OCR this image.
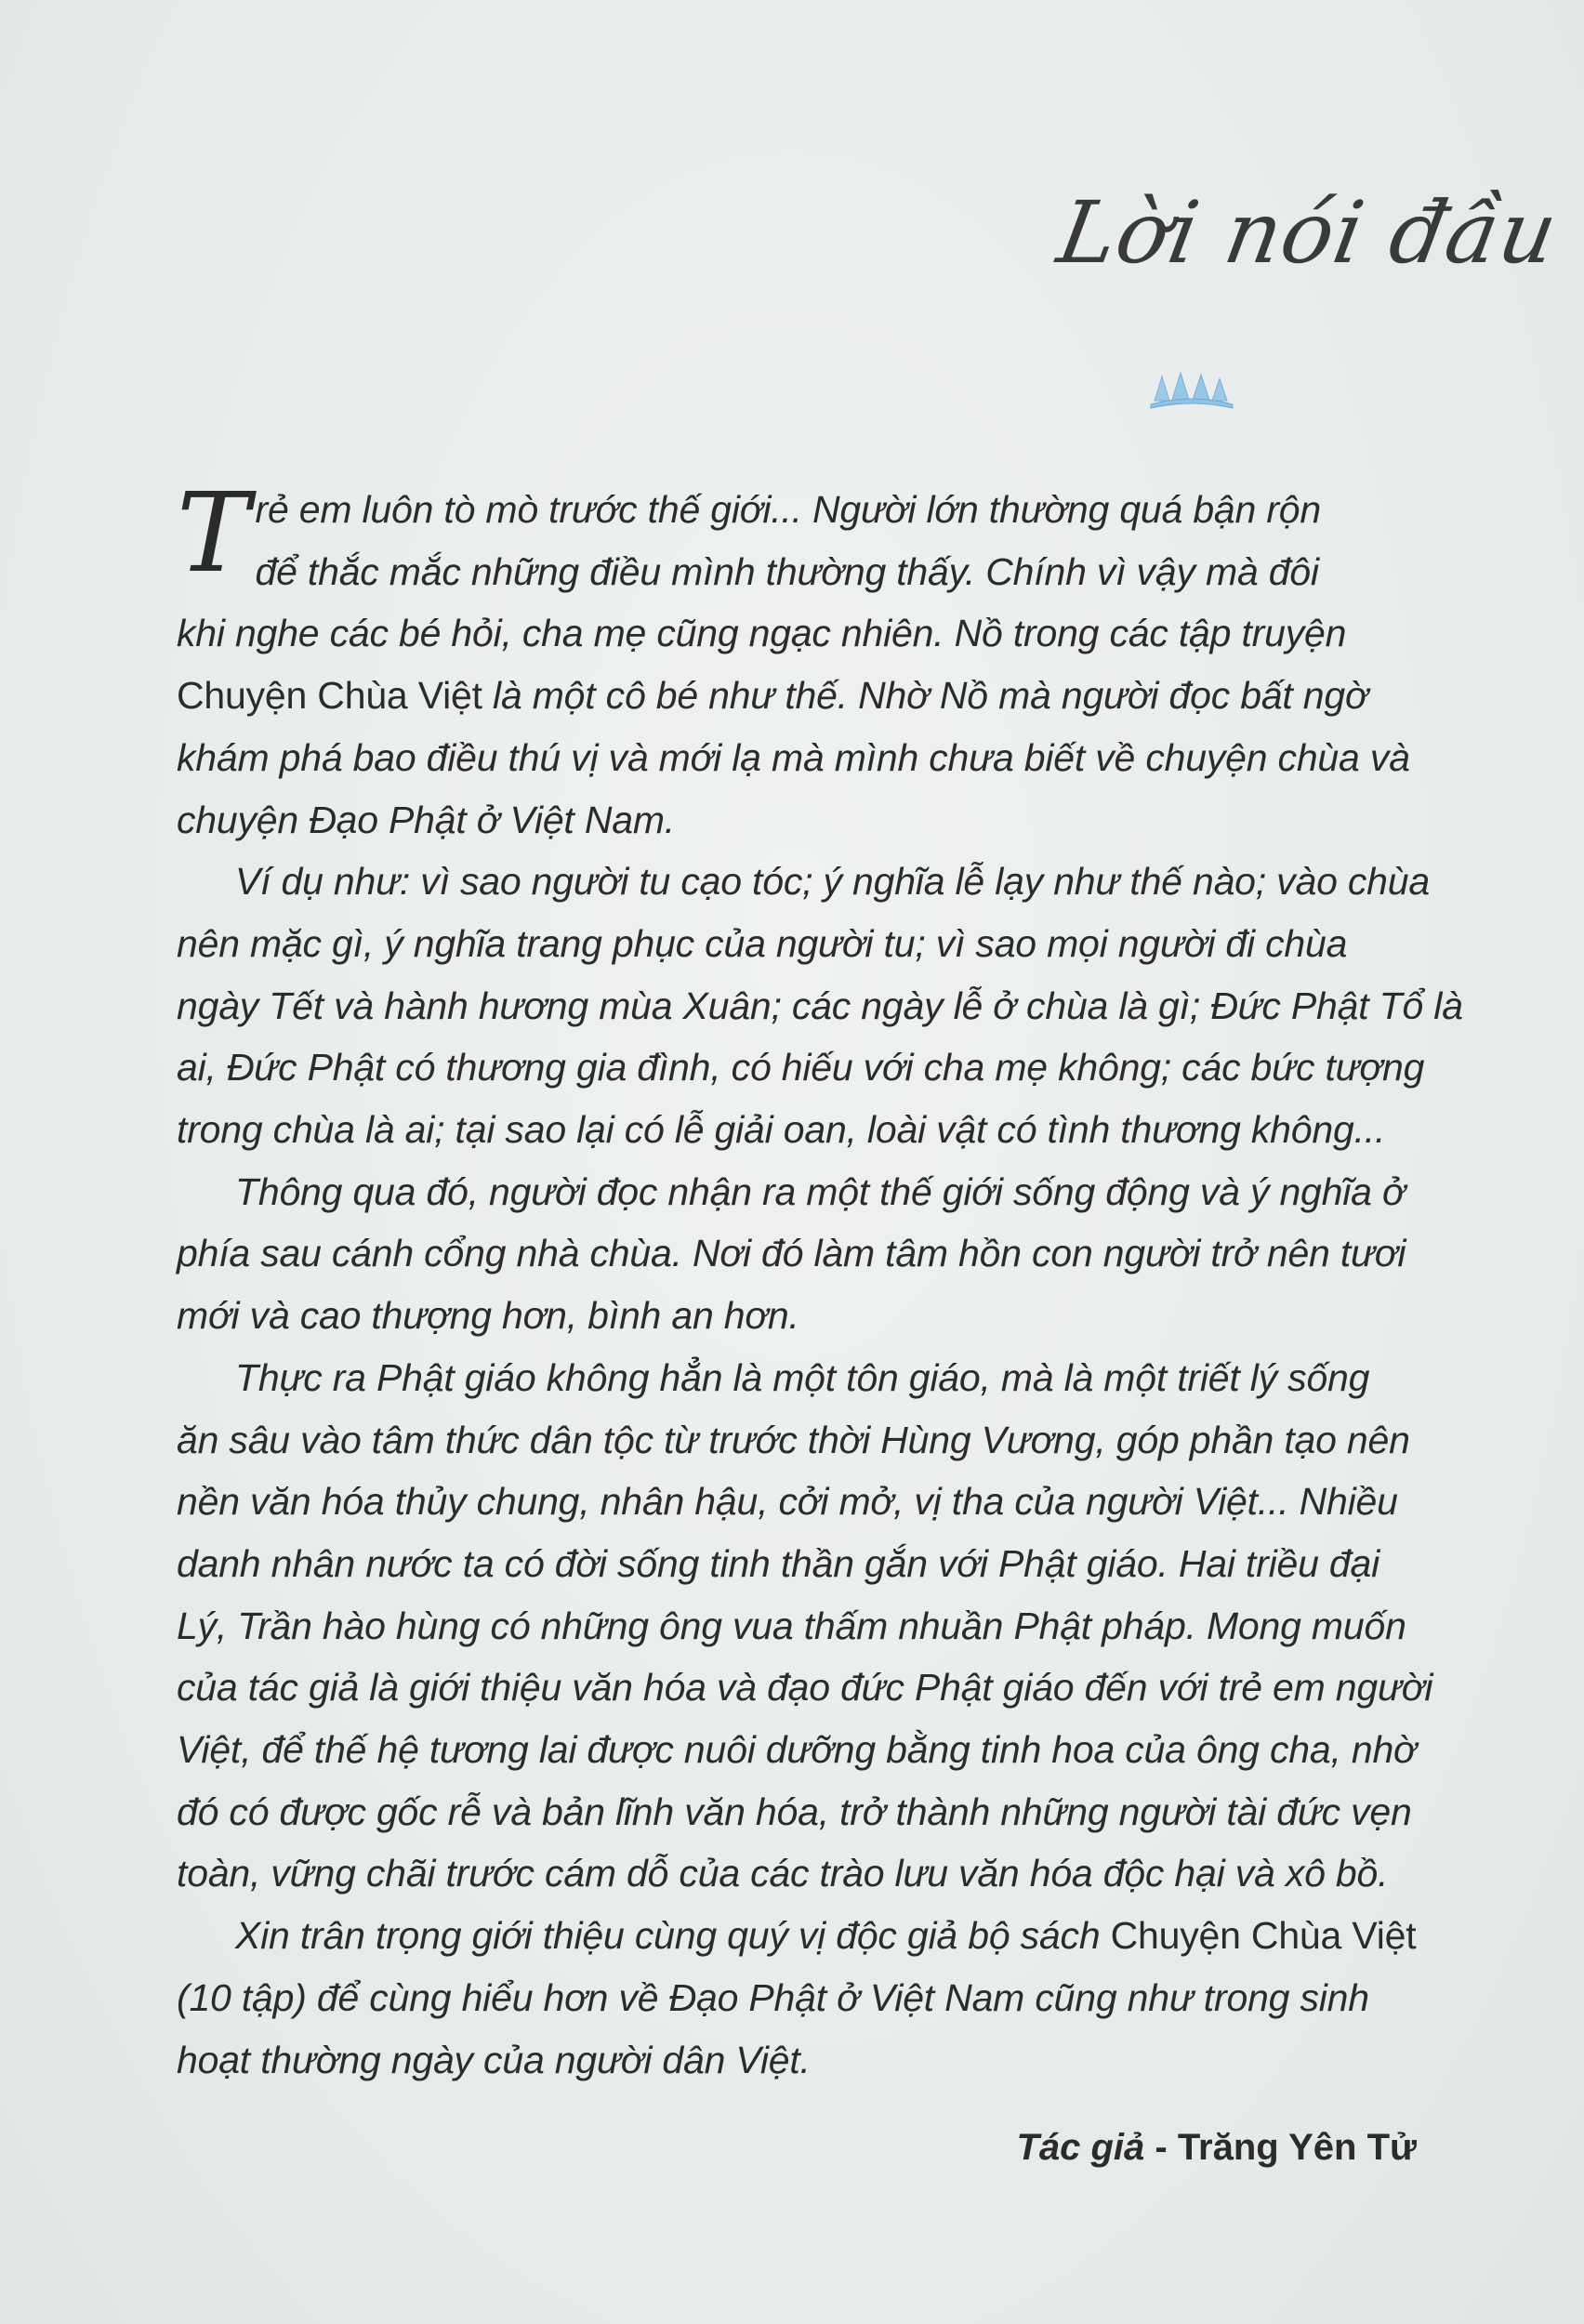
Lời nói đầu
T rẻ em luôn tò mò trước thế giới... Người lớn thường quá bận rộn
để thắc mắc những điều mình thường thấy. Chính vì vậy mà đôi
khi nghe các bé hỏi, cha mẹ cũng ngạc nhiên. Nồ trong các tập truyện
Chuyện Chùa Việt là một cô bé như thế. Nhờ Nồ mà người đọc bất ngờ
khám phá bao điều thú vị và mới lạ mà mình chưa biết về chuyện chùa và
chuyện Đạo Phật ở Việt Nam.
Ví dụ như: vì sao người tu cạo tóc; ý nghĩa lễ lạy như thế nào; vào chùa
nên mặc gì, ý nghĩa trang phục của người tu; vì sao mọi người đi chùa
ngày Tết và hành hương mùa Xuân; các ngày lễ ở chùa là gì; Đức Phật Tổ là
ai, Đức Phật có thương gia đình, có hiếu với cha mẹ không; các bức tượng
trong chùa là ai; tại sao lại có lễ giải oan, loài vật có tình thương không...
Thông qua đó, người đọc nhận ra một thế giới sống động và ý nghĩa ở
phía sau cánh cổng nhà chùa. Nơi đó làm tâm hồn con người trở nên tươi
mới và cao thượng hơn, bình an hơn.
Thực ra Phật giáo không hẳn là một tôn giáo, mà là một triết lý sống
ăn sâu vào tâm thức dân tộc từ trước thời Hùng Vương, góp phần tạo nên
nền văn hóa thủy chung, nhân hậu, cởi mở, vị tha của người Việt... Nhiều
danh nhân nước ta có đời sống tinh thần gắn với Phật giáo. Hai triều đại
Lý, Trần hào hùng có những ông vua thấm nhuần Phật pháp. Mong muốn
của tác giả là giới thiệu văn hóa và đạo đức Phật giáo đến với trẻ em người
Việt, để thế hệ tương lai được nuôi dưỡng bằng tinh hoa của ông cha, nhờ
đó có được gốc rễ và bản lĩnh văn hóa, trở thành những người tài đức vẹn
toàn, vững chãi trước cám dỗ của các trào lưu văn hóa độc hại và xô bồ.
Xin trân trọng giới thiệu cùng quý vị độc giả bộ sách Chuyện Chùa Việt
(10 tập) để cùng hiểu hơn về Đạo Phật ở Việt Nam cũng như trong sinh
hoạt thường ngày của người dân Việt.
Tác giả - Trăng Yên Tử
